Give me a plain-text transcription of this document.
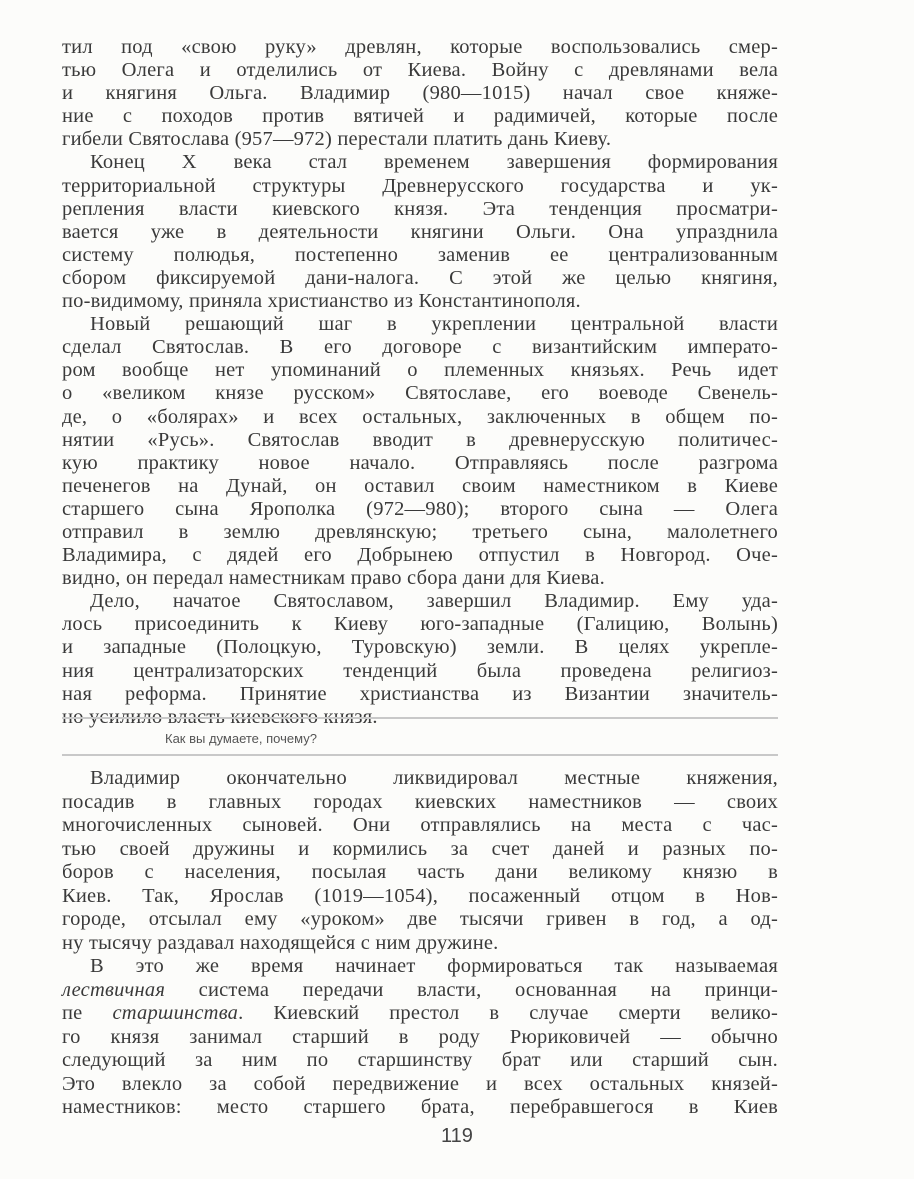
тил под «свою руку» древлян, которые воспользовались смер-
тью Олега и отделились от Киева. Войну с древлянами вела
и княгиня Ольга. Владимир (980—1015) начал свое княже-
ние с походов против вятичей и радимичей, которые после
гибели Святослава (957—972) перестали платить дань Киеву.
Конец X века стал временем завершения формирования
территориальной структуры Древнерусского государства и ук-
репления власти киевского князя. Эта тенденция просматри-
вается уже в деятельности княгини Ольги. Она упразднила
систему полюдья, постепенно заменив ее централизованным
сбором фиксируемой дани-налога. С этой же целью княгиня,
по-видимому, приняла христианство из Константинополя.
Новый решающий шаг в укреплении центральной власти
сделал Святослав. В его договоре с византийским императо-
ром вообще нет упоминаний о племенных князьях. Речь идет
о «великом князе русском» Святославе, его воеводе Свенель-
де, о «болярах» и всех остальных, заключенных в общем по-
нятии «Русь». Святослав вводит в древнерусскую политичес-
кую практику новое начало. Отправляясь после разгрома
печенегов на Дунай, он оставил своим наместником в Киеве
старшего сына Ярополка (972—980); второго сына — Олега
отправил в землю древлянскую; третьего сына, малолетнего
Владимира, с дядей его Добрынею отпустил в Новгород. Оче-
видно, он передал наместникам право сбора дани для Киева.
Дело, начатое Святославом, завершил Владимир. Ему уда-
лось присоединить к Киеву юго-западные (Галицию, Волынь)
и западные (Полоцкую, Туровскую) земли. В целях укрепле-
ния централизаторских тенденций была проведена религиоз-
ная реформа. Принятие христианства из Византии значитель-
но усилило власть киевского князя.
Как вы думаете, почему?
Владимир окончательно ликвидировал местные княжения,
посадив в главных городах киевских наместников — своих
многочисленных сыновей. Они отправлялись на места с час-
тью своей дружины и кормились за счет даней и разных по-
боров с населения, посылая часть дани великому князю в
Киев. Так, Ярослав (1019—1054), посаженный отцом в Нов-
городе, отсылал ему «уроком» две тысячи гривен в год, а од-
ну тысячу раздавал находящейся с ним дружине.
В это же время начинает формироваться так называемая
лествичная система передачи власти, основанная на принци-
пе старшинства. Киевский престол в случае смерти велико-
го князя занимал старший в роду Рюриковичей — обычно
следующий за ним по старшинству брат или старший сын.
Это влекло за собой передвижение и всех остальных князей-
наместников: место старшего брата, перебравшегося в Киев
119
